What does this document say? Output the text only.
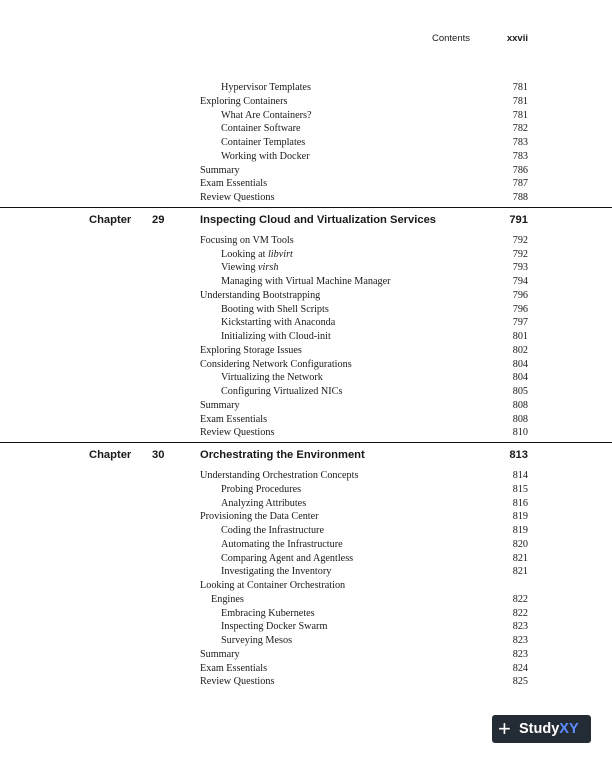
Contents	xxvii
Hypervisor Templates	781
Exploring Containers	781
What Are Containers?	781
Container Software	782
Container Templates	783
Working with Docker	783
Summary	786
Exam Essentials	787
Review Questions	788
Chapter 29	Inspecting Cloud and Virtualization Services	791
Focusing on VM Tools	792
Looking at libvirt	792
Viewing virsh	793
Managing with Virtual Machine Manager	794
Understanding Bootstrapping	796
Booting with Shell Scripts	796
Kickstarting with Anaconda	797
Initializing with Cloud-init	801
Exploring Storage Issues	802
Considering Network Configurations	804
Virtualizing the Network	804
Configuring Virtualized NICs	805
Summary	808
Exam Essentials	808
Review Questions	810
Chapter 30	Orchestrating the Environment	813
Understanding Orchestration Concepts	814
Probing Procedures	815
Analyzing Attributes	816
Provisioning the Data Center	819
Coding the Infrastructure	819
Automating the Infrastructure	820
Comparing Agent and Agentless	821
Investigating the Inventory	821
Looking at Container Orchestration
Engines	822
Embracing Kubernetes	822
Inspecting Docker Swarm	823
Surveying Mesos	823
Summary	823
Exam Essentials	824
Review Questions	825
+ StudyXY
